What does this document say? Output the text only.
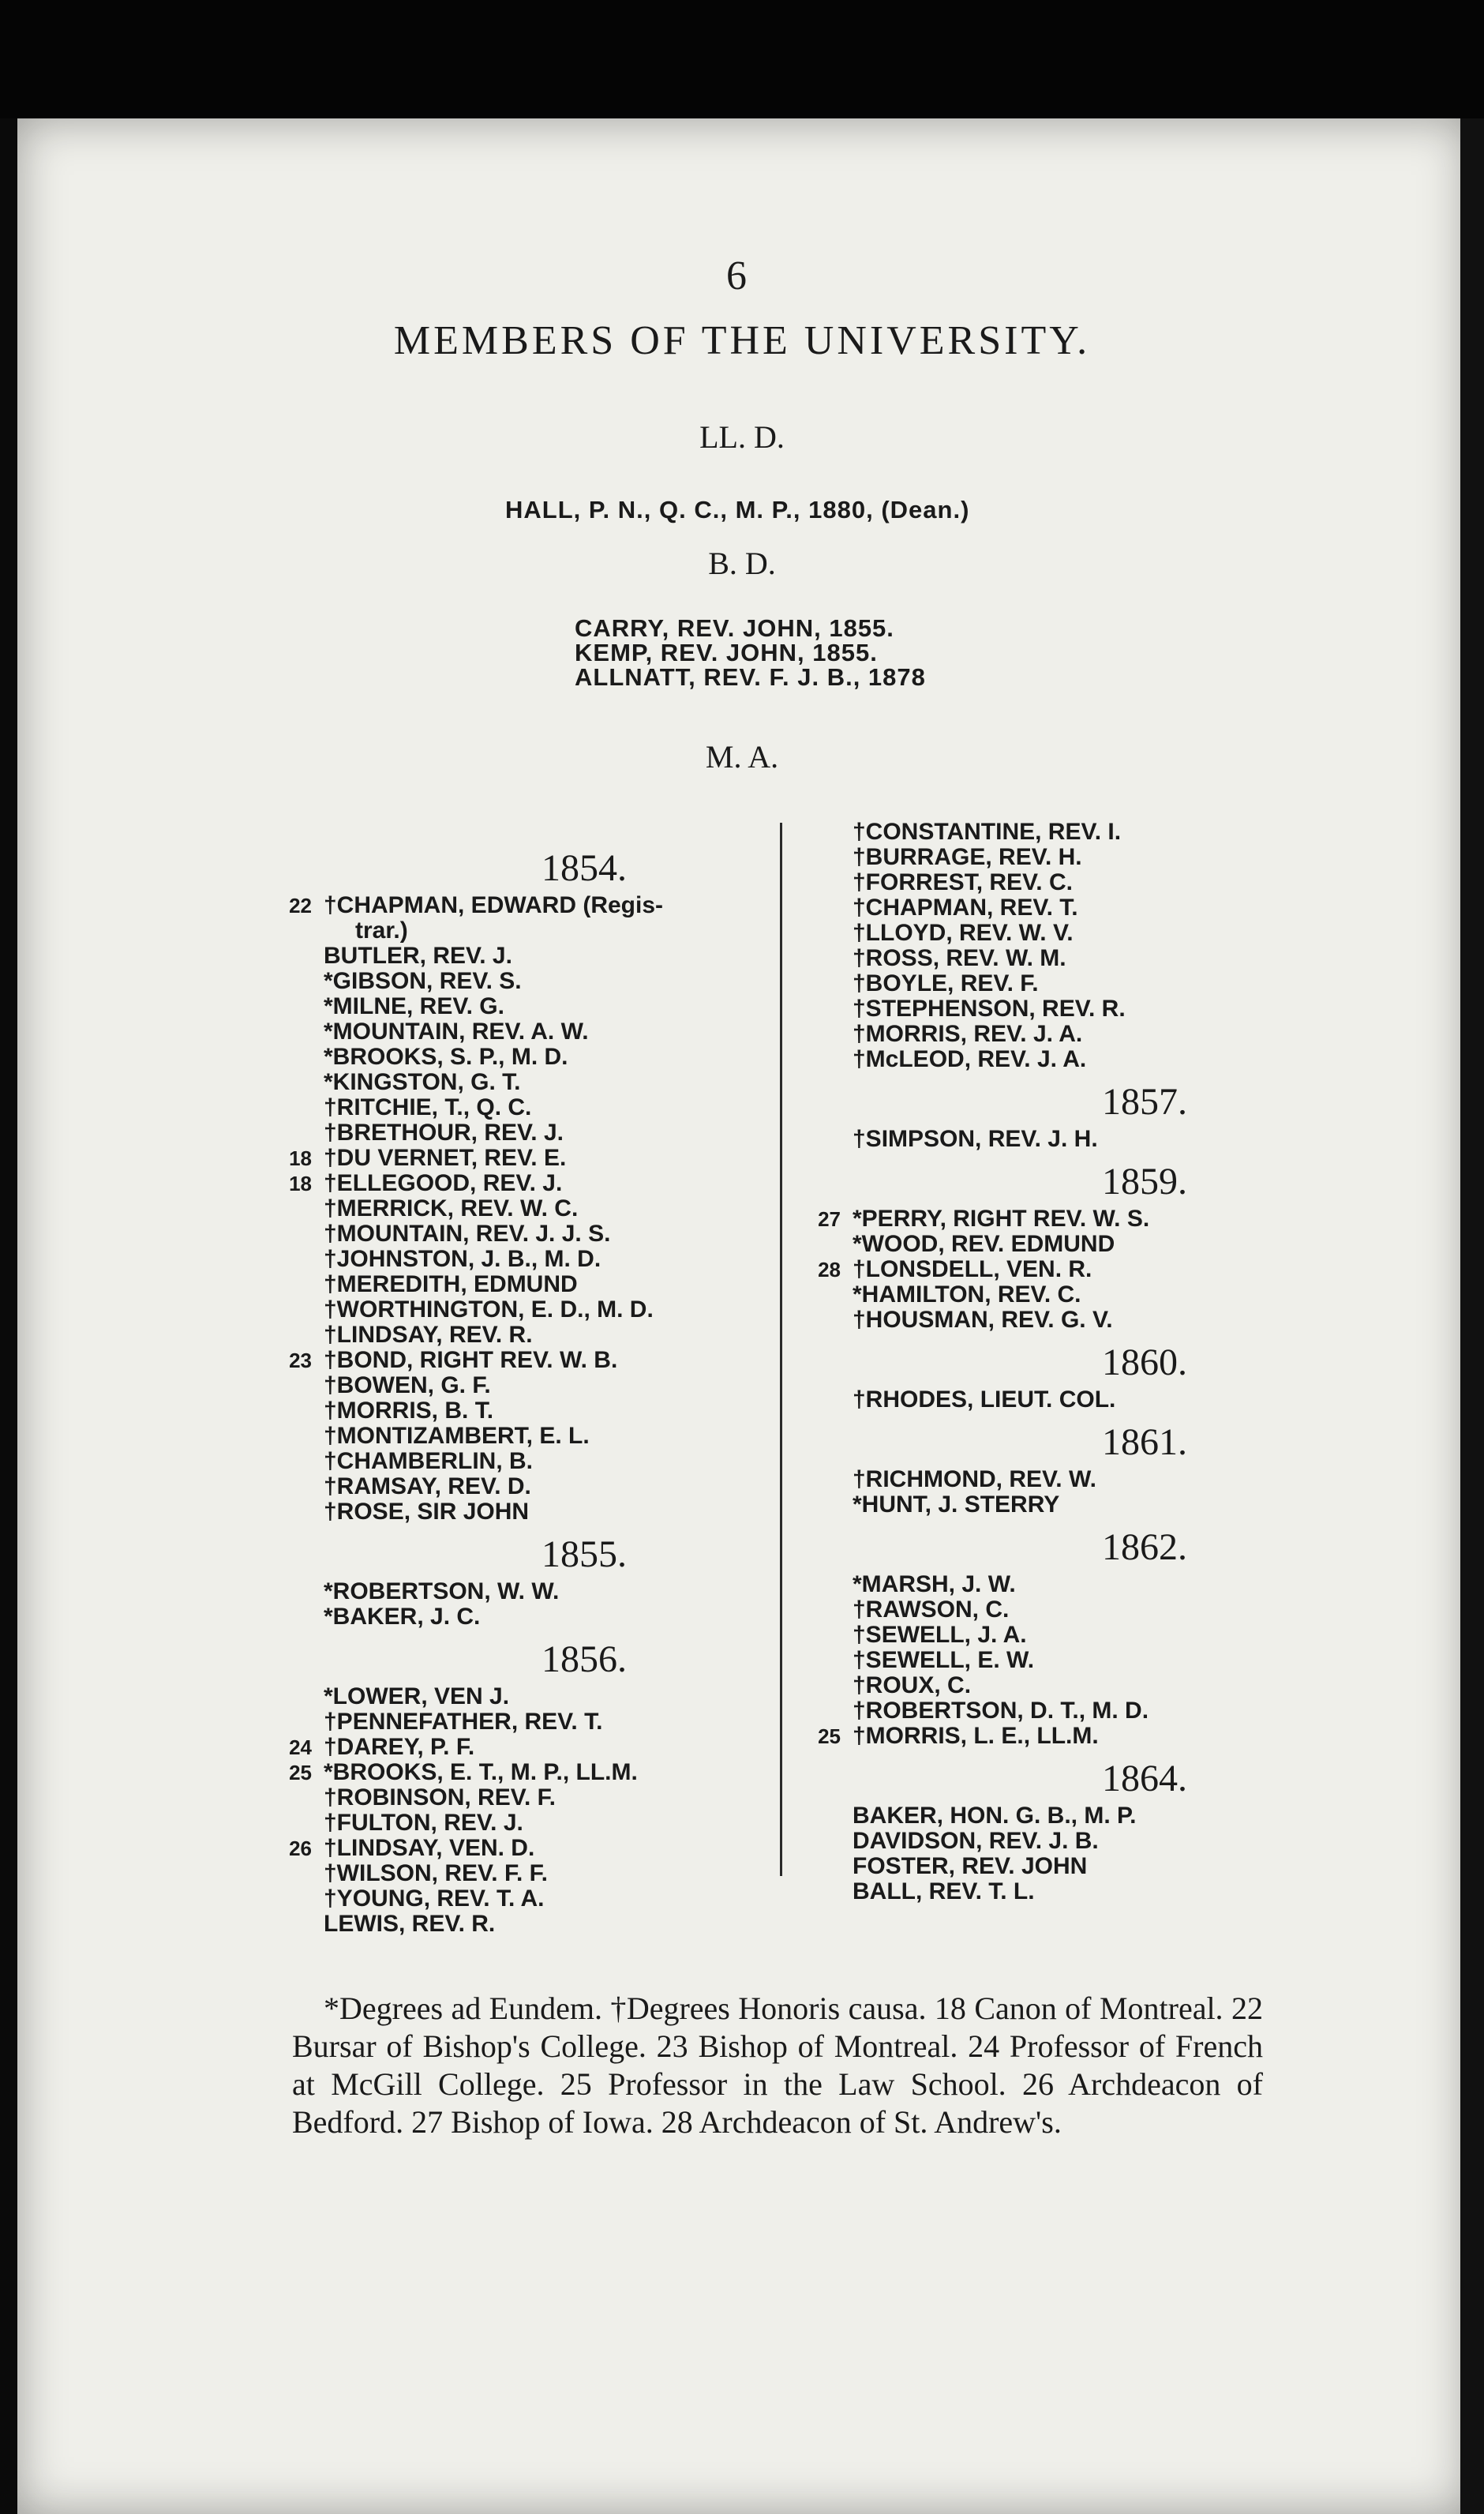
6
MEMBERS OF THE UNIVERSITY.
LL. D.
HALL, P. N., Q. C., M. P., 1880, (Dean.)
B. D.
CARRY, REV. JOHN, 1855.
KEMP, REV. JOHN, 1855.
ALLNATT, REV. F. J. B., 1878
M. A.
1854.
22 †CHAPMAN, EDWARD (Regis-
trar.)
BUTLER, REV. J.
*GIBSON, REV. S.
*MILNE, REV. G.
*MOUNTAIN, REV. A. W.
*BROOKS, S. P., M. D.
*KINGSTON, G. T.
†RITCHIE, T., Q. C.
†BRETHOUR, REV. J.
18 †DU VERNET, REV. E.
18 †ELLEGOOD, REV. J.
†MERRICK, REV. W. C.
†MOUNTAIN, REV. J. J. S.
†JOHNSTON, J. B., M. D.
†MEREDITH, EDMUND
†WORTHINGTON, E. D., M. D.
†LINDSAY, REV. R.
23 †BOND, RIGHT REV. W. B.
†BOWEN, G. F.
†MORRIS, B. T.
†MONTIZAMBERT, E. L.
†CHAMBERLIN, B.
†RAMSAY, REV. D.
†ROSE, SIR JOHN
1855.
*ROBERTSON, W. W.
*BAKER, J. C.
1856.
*LOWER, VEN J.
†PENNEFATHER, REV. T.
24 †DAREY, P. F.
25 *BROOKS, E. T., M. P., LL.M.
†ROBINSON, REV. F.
†FULTON, REV. J.
26 †LINDSAY, VEN. D.
†WILSON, REV. F. F.
†YOUNG, REV. T. A.
LEWIS, REV. R.
†CONSTANTINE, REV. I.
†BURRAGE, REV. H.
†FORREST, REV. C.
†CHAPMAN, REV. T.
†LLOYD, REV. W. V.
†ROSS, REV. W. M.
†BOYLE, REV. F.
†STEPHENSON, REV. R.
†MORRIS, REV. J. A.
†McLEOD, REV. J. A.
1857.
†SIMPSON, REV. J. H.
1859.
27 *PERRY, RIGHT REV. W. S.
*WOOD, REV. EDMUND
28 †LONSDELL, VEN. R.
*HAMILTON, REV. C.
†HOUSMAN, REV. G. V.
1860.
†RHODES, LIEUT. COL.
1861.
†RICHMOND, REV. W.
*HUNT, J. STERRY
1862.
*MARSH, J. W.
†RAWSON, C.
†SEWELL, J. A.
†SEWELL, E. W.
†ROUX, C.
†ROBERTSON, D. T., M. D.
25 †MORRIS, L. E., LL.M.
1864.
BAKER, HON. G. B., M. P.
DAVIDSON, REV. J. B.
FOSTER, REV. JOHN
BALL, REV. T. L.
*Degrees ad Eundem. †Degrees Honoris causa. 18 Canon of Montreal. 22 Bursar of Bishop's College. 23 Bishop of Montreal. 24 Professor of French at McGill College. 25 Professor in the Law School. 26 Archdeacon of Bedford. 27 Bishop of Iowa. 28 Archdeacon of St. Andrew's.
